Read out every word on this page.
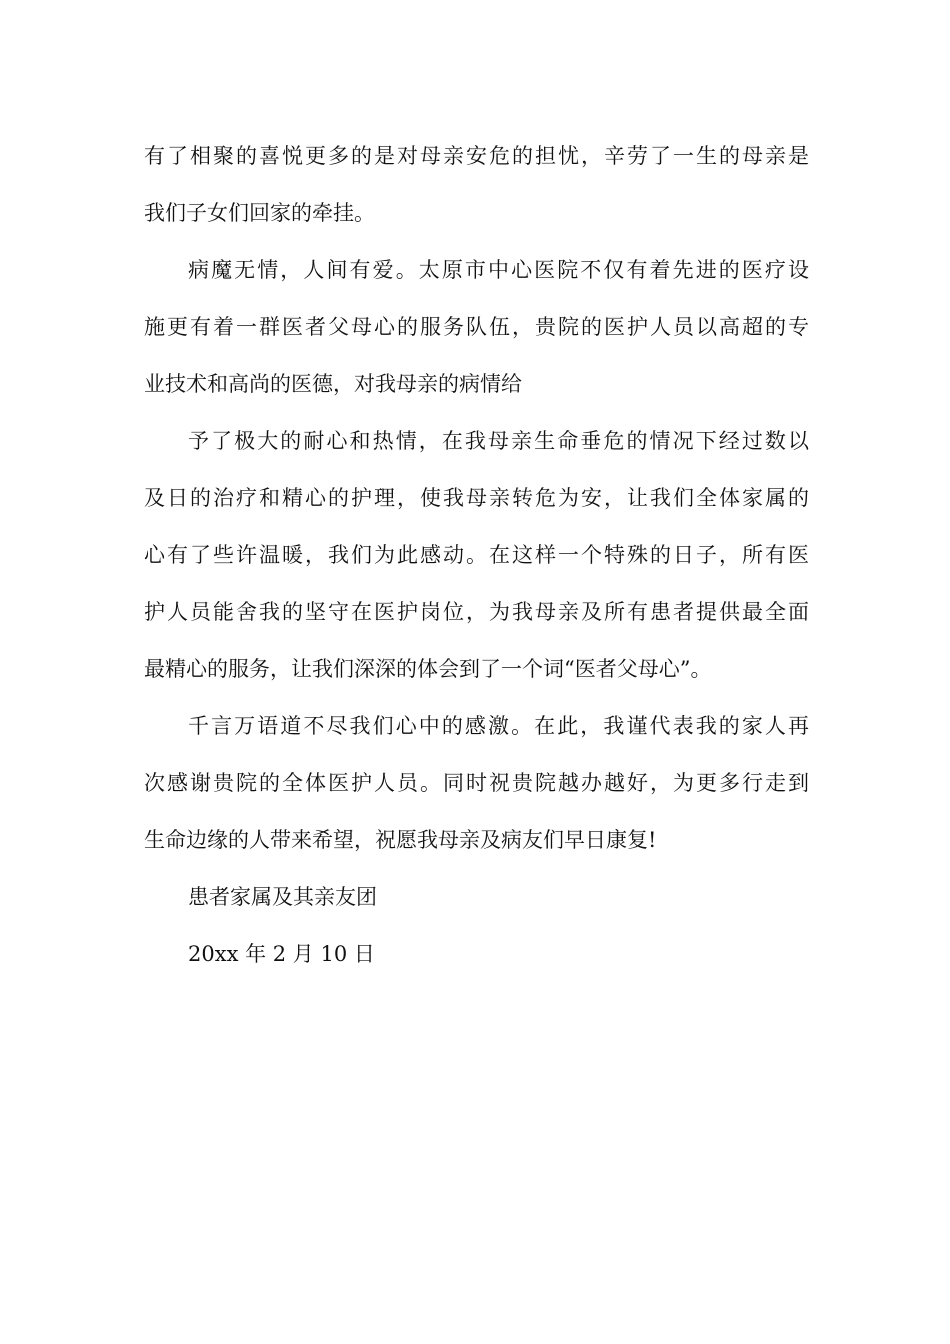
有了相聚的喜悦更多的是对母亲安危的担忧，辛劳了一生的母亲是
我们子女们回家的牵挂。
病魔无情，人间有爱。太原市中心医院不仅有着先进的医疗设
施更有着一群医者父母心的服务队伍，贵院的医护人员以高超的专
业技术和高尚的医德，对我母亲的病情给
予了极大的耐心和热情，在我母亲生命垂危的情况下经过数以
及日的治疗和精心的护理，使我母亲转危为安，让我们全体家属的
心有了些许温暖，我们为此感动。在这样一个特殊的日子，所有医
护人员能舍我的坚守在医护岗位，为我母亲及所有患者提供最全面
最精心的服务，让我们深深的体会到了一个词“医者父母心”。
千言万语道不尽我们心中的感激。在此，我谨代表我的家人再
次感谢贵院的全体医护人员。同时祝贵院越办越好，为更多行走到
生命边缘的人带来希望，祝愿我母亲及病友们早日康复!
患者家属及其亲友团
20xx 年 2 月 10 日
